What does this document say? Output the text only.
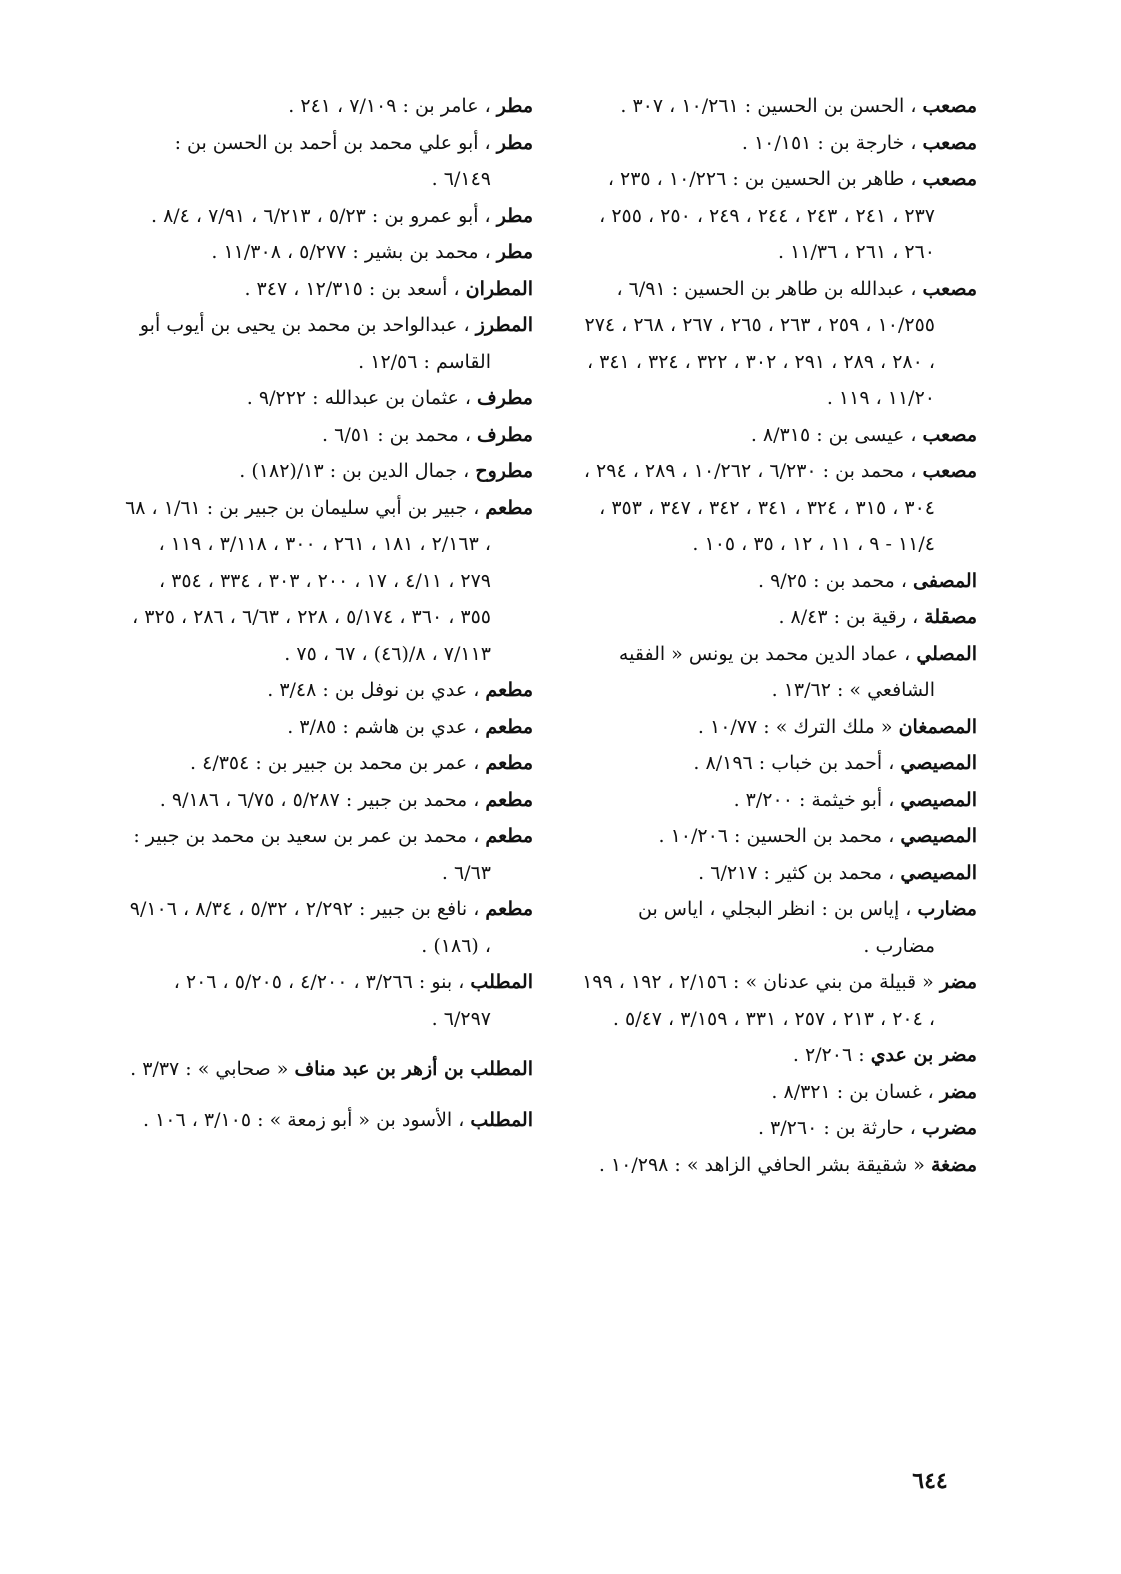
مصعب ، الحسن بن الحسين : ١٠/٢٦١ ، ٣٠٧ .

مصعب ، خارجة بن : ١٠/١٥١ .

مصعب ، طاهر بن الحسين بن : ١٠/٢٢٦ ، ٢٣٥ ، ٢٣٧ ، ٢٤١ ، ٢٤٣ ، ٢٤٤ ، ٢٤٩ ، ٢٥٠ ، ٢٥٥ ، ٢٦٠ ، ٢٦١ ، ١١/٣٦ .

مصعب ، عبدالله بن طاهر بن الحسين : ٦/٩١ ، ١٠/٢٥٥ ، ٢٥٩ ، ٢٦٣ ، ٢٦٥ ، ٢٦٧ ، ٢٦٨ ، ٢٧٤ ، ٢٨٠ ، ٢٨٩ ، ٢٩١ ، ٣٠٢ ، ٣٢٢ ، ٣٢٤ ، ٣٤١ ، ١١/٢٠ ، ١١٩ .

مصعب ، عيسى بن : ٨/٣١٥ .

مصعب ، محمد بن : ٦/٢٣٠ ، ١٠/٢٦٢ ، ٢٨٩ ، ٢٩٤ ، ٣٠٤ ، ٣١٥ ، ٣٢٤ ، ٣٤١ ، ٣٤٢ ، ٣٤٧ ، ٣٥٣ ، ١١/٤ - ٩ ، ١١ ، ١٢ ، ٣٥ ، ١٠٥ .

المصفى ، محمد بن : ٩/٢٥ .

مصقلة ، رقية بن : ٨/٤٣ .

المصلي ، عماد الدين محمد بن يونس « الفقيه الشافعي » : ١٣/٦٢ .

المصمغان « ملك الترك » : ١٠/٧٧ .

المصيصي ، أحمد بن خباب : ٨/١٩٦ .

المصيصي ، أبو خيثمة : ٣/٢٠٠ .

المصيصي ، محمد بن الحسين : ١٠/٢٠٦ .

المصيصي ، محمد بن كثير : ٦/٢١٧ .

مضارب ، إياس بن : انظر البجلي ، اياس بن مضارب .

مضر « قبيلة من بني عدنان » : ٢/١٥٦ ، ١٩٢ ، ١٩٩ ، ٢٠٤ ، ٢١٣ ، ٢٥٧ ، ٣٣١ ، ٣/١٥٩ ، ٥/٤٧ .

مضر بن عدي : ٢/٢٠٦ .

مضر ، غسان بن : ٨/٣٢١ .

مضرب ، حارثة بن : ٣/٢٦٠ .

مضغة « شقيقة بشر الحافي الزاهد » : ١٠/٢٩٨ .

مطر ، عامر بن : ٧/١٠٩ ، ٢٤١ .

مطر ، أبو علي محمد بن أحمد بن الحسن بن : ٦/١٤٩ .

مطر ، أبو عمرو بن : ٥/٢٣ ، ٦/٢١٣ ، ٧/٩١ ، ٨/٤ .

مطر ، محمد بن بشير : ٥/٢٧٧ ، ١١/٣٠٨ .

المطران ، أسعد بن : ١٢/٣١٥ ، ٣٤٧ .

المطرز ، عبدالواحد بن محمد بن يحيى بن أيوب أبو القاسم : ١٢/٥٦ .

مطرف ، عثمان بن عبدالله : ٩/٢٢٢ .

مطرف ، محمد بن : ٦/٥١ .

مطروح ، جمال الدين بن : ١٣/(١٨٢) .

مطعم ، جبير بن أبي سليمان بن جبير بن : ١/٦١ ، ٦٨ ، ٢/١٦٣ ، ١٨١ ، ٢٦١ ، ٣٠٠ ، ٣/١١٨ ، ١١٩ ، ٢٧٩ ، ٤/١١ ، ١٧ ، ٢٠٠ ، ٣٠٣ ، ٣٣٤ ، ٣٥٤ ، ٣٥٥ ، ٣٦٠ ، ٥/١٧٤ ، ٢٢٨ ، ٦/٦٣ ، ٢٨٦ ، ٣٢٥ ، ٧/١١٣ ، ٨/(٤٦) ، ٦٧ ، ٧٥ .

مطعم ، عدي بن نوفل بن : ٣/٤٨ .

مطعم ، عدي بن هاشم : ٣/٨٥ .

مطعم ، عمر بن محمد بن جبير بن : ٤/٣٥٤ .

مطعم ، محمد بن جبير : ٥/٢٨٧ ، ٦/٧٥ ، ٩/١٨٦ .

مطعم ، محمد بن عمر بن سعيد بن محمد بن جبير : ٦/٦٣ .

مطعم ، نافع بن جبير : ٢/٢٩٢ ، ٥/٣٢ ، ٨/٣٤ ، ٩/١٠٦ ، (١٨٦) .

المطلب ، بنو : ٣/٢٦٦ ، ٤/٢٠٠ ، ٥/٢٠٥ ، ٢٠٦ ، ٦/٢٩٧ .

المطلب بن أزهر بن عبد مناف « صحابي » : ٣/٣٧ .

المطلب ، الأسود بن « أبو زمعة » : ٣/١٠٥ ، ١٠٦ .

٦٤٤
